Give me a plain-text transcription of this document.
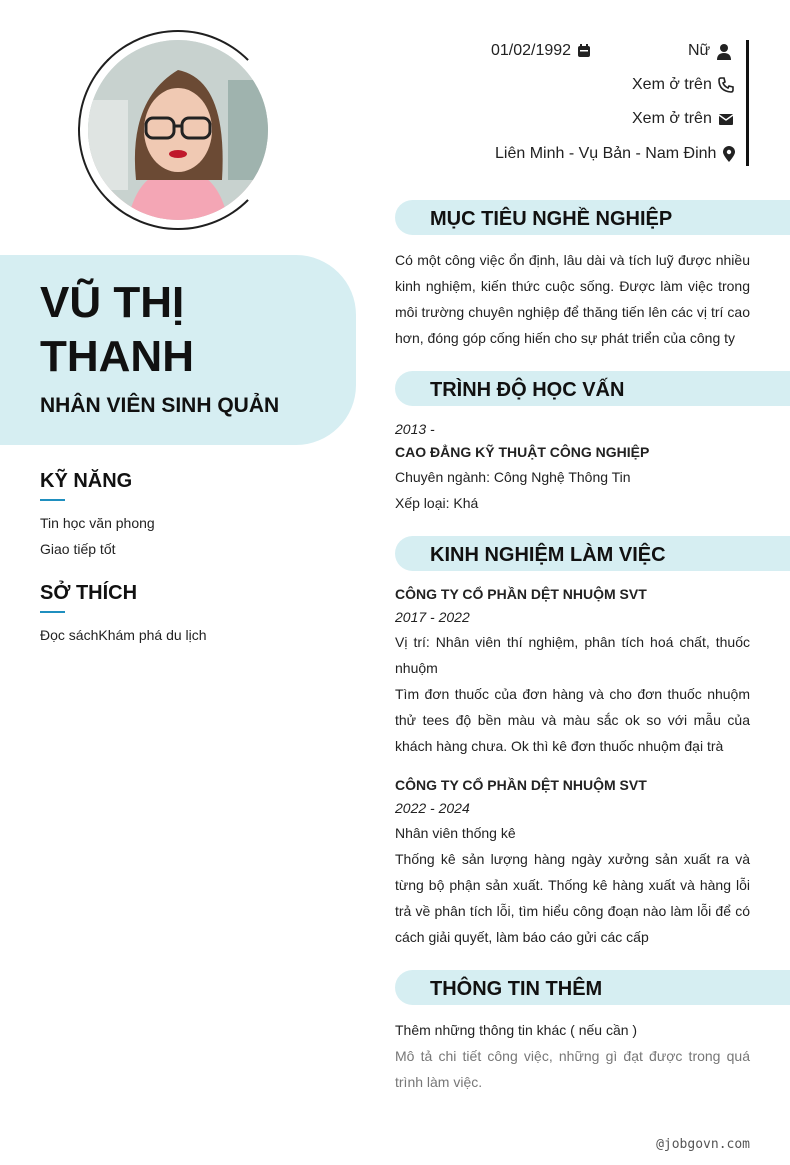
VŨ THỊ
THANH
NHÂN VIÊN SINH QUẢN
KỸ NĂNG
Tin học văn phong
Giao tiếp tốt
SỞ THÍCH
Đọc sáchKhám phá du lịch
01/02/1992	Nữ
Xem ở trên
Xem ở trên
Liên Minh - Vụ Bản - Nam Đinh
MỤC TIÊU NGHỀ NGHIỆP
Có một công việc ổn định, lâu dài và tích luỹ được nhiều kinh nghiệm, kiến thức cuộc sống. Được làm việc trong môi trường chuyên nghiệp để thăng tiến lên các vị trí cao hơn, đóng góp cống hiến cho sự phát triển của công ty
TRÌNH ĐỘ HỌC VẤN
2013 -
CAO ĐẲNG KỸ THUẬT CÔNG NGHIỆP
Chuyên ngành: Công Nghệ Thông Tin
Xếp loại: Khá
KINH NGHIỆM LÀM VIỆC
CÔNG TY CỔ PHẦN DỆT NHUỘM SVT
2017 - 2022
Vị trí: Nhân viên thí nghiệm, phân tích hoá chất, thuốc nhuộm
Tìm đơn thuốc của đơn hàng và cho đơn thuốc nhuộm thử tees độ bền màu và màu sắc ok so với mẫu của khách hàng chưa. Ok thì kê đơn thuốc nhuộm đại trà
CÔNG TY CỔ PHẦN DỆT NHUỘM SVT
2022 - 2024
Nhân viên thống kê
Thống kê sản lượng hàng ngày xưởng sản xuất ra và từng bộ phận sản xuất. Thống kê hàng xuất và hàng lỗi trả về phân tích lỗi, tìm hiểu công đoạn nào làm lỗi để có cách giải quyết, làm báo cáo gửi các cấp
THÔNG TIN THÊM
Thêm những thông tin khác ( nếu cần )
Mô tả chi tiết công việc, những gì đạt được trong quá trình làm việc.
@jobgovn.com
